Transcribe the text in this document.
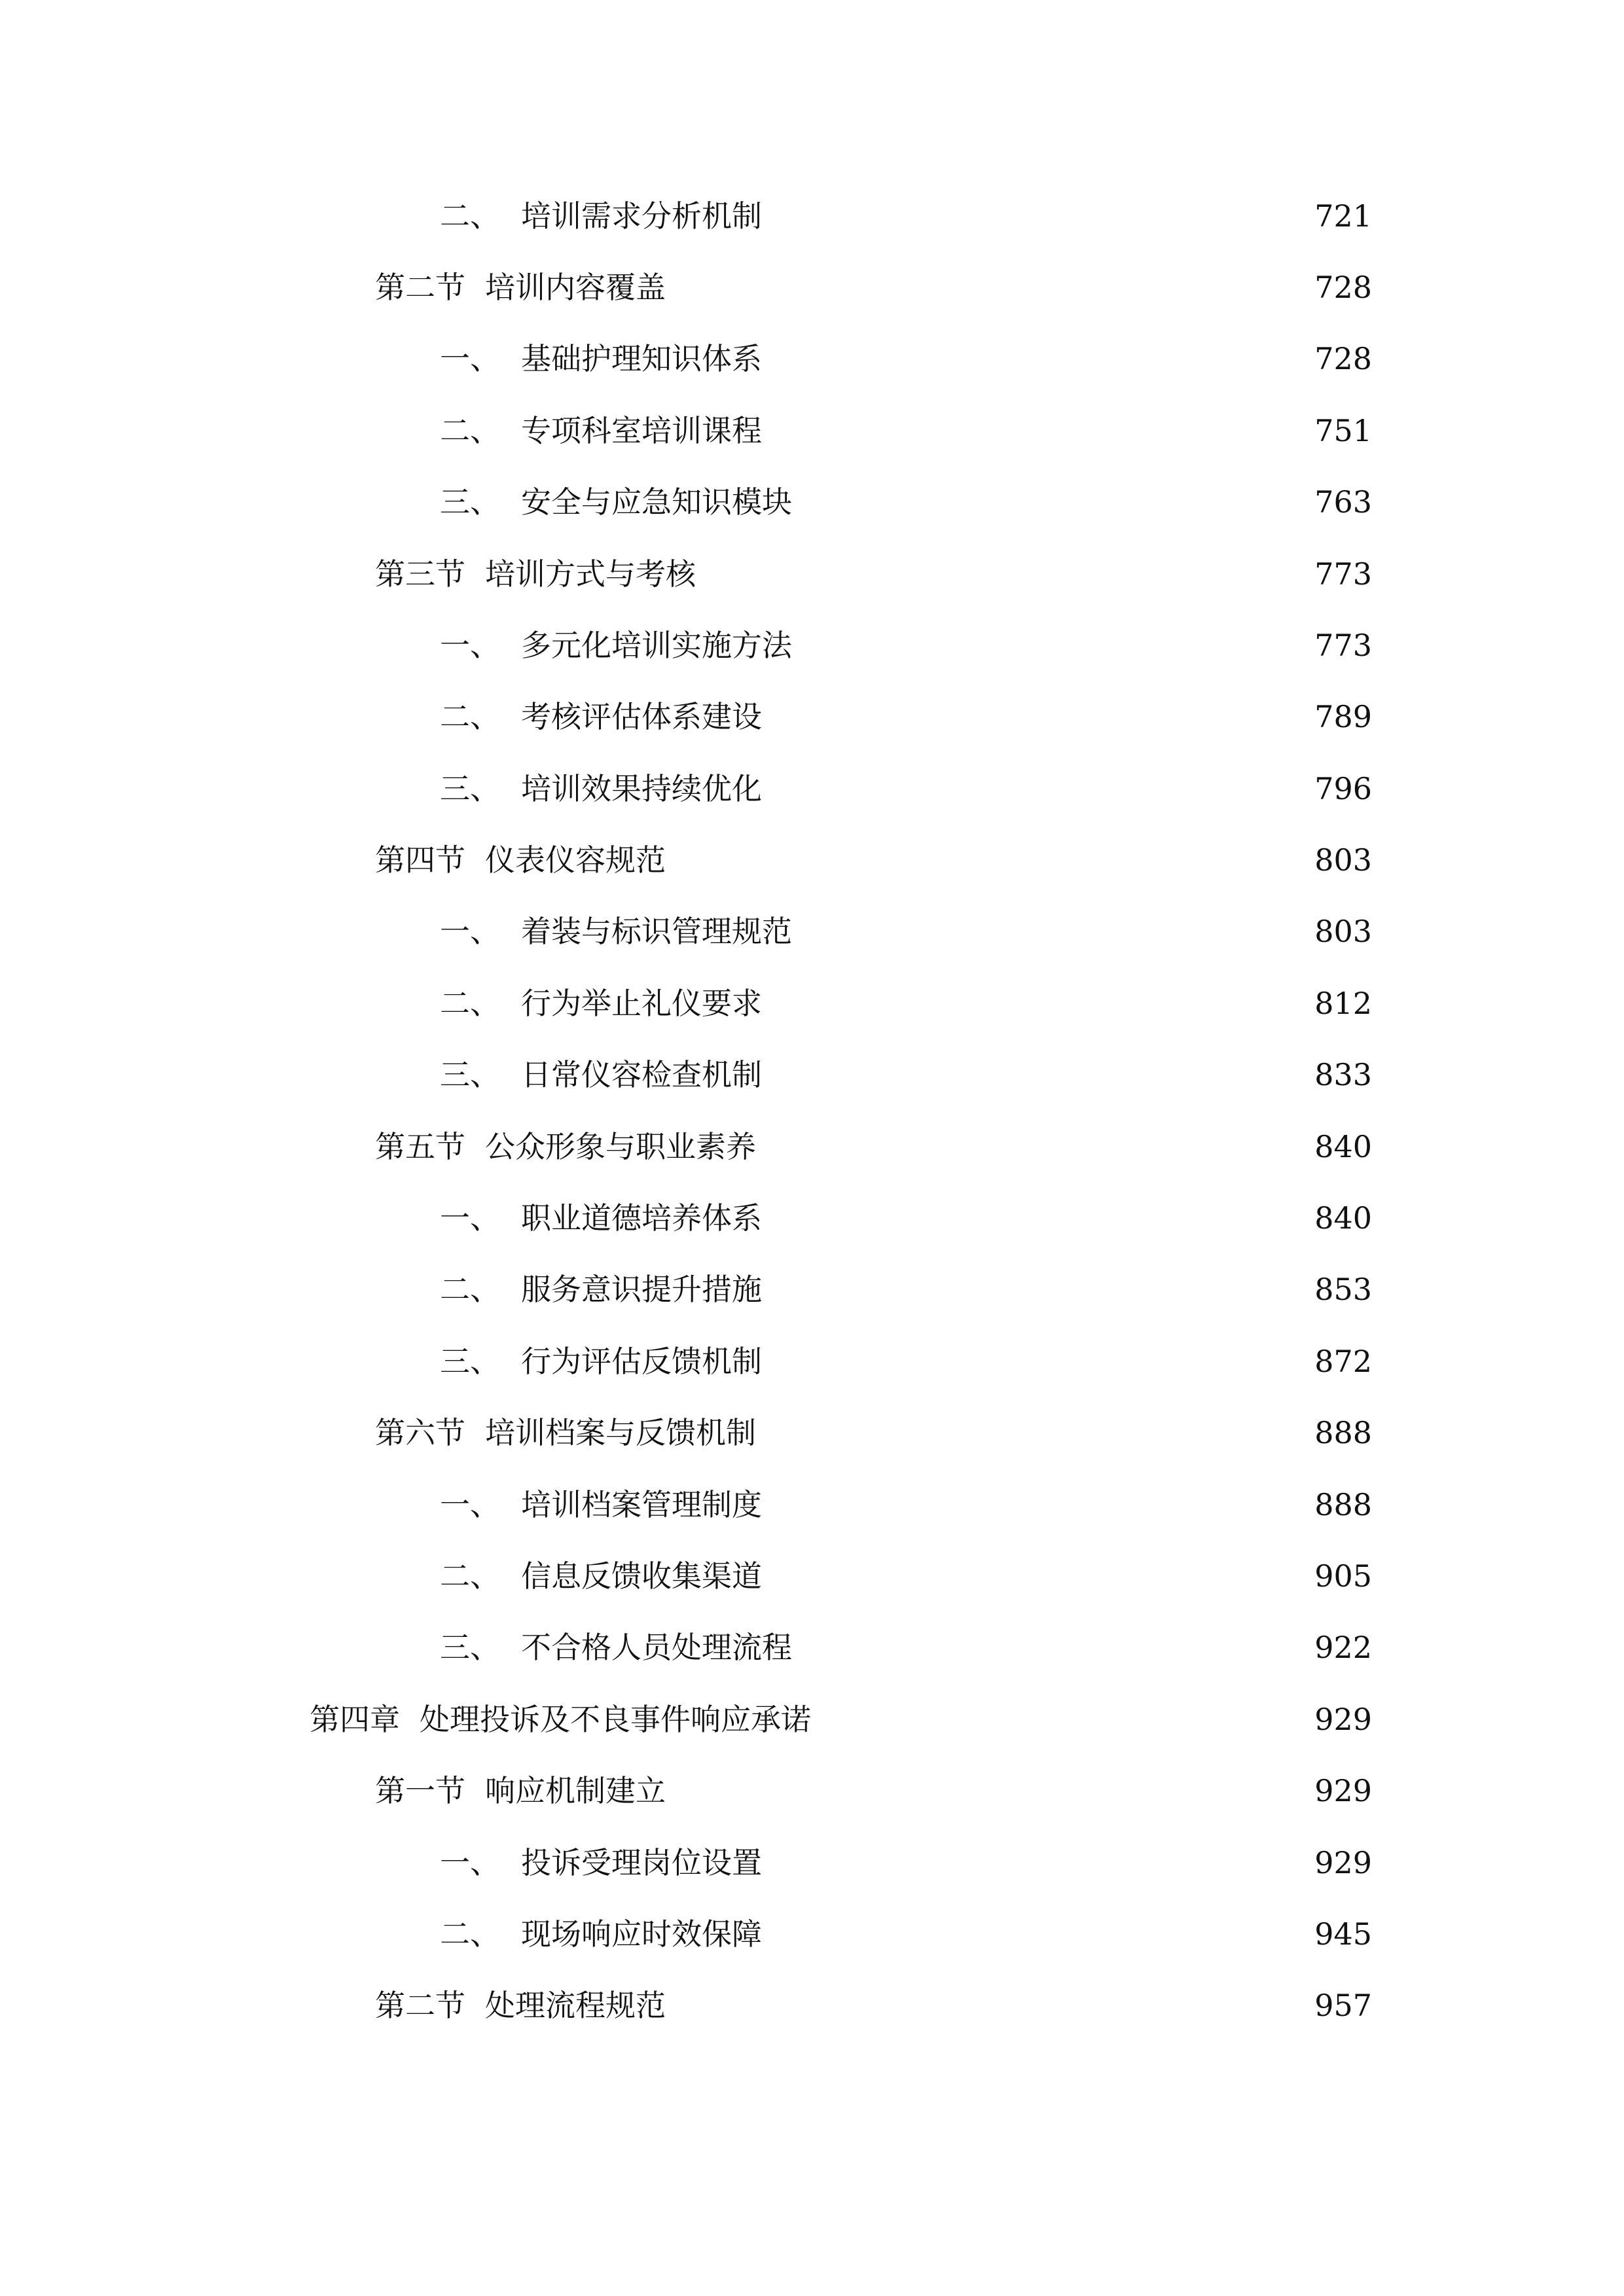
二、 培训需求分析机制	721
第二节 培训内容覆盖	728
一、 基础护理知识体系	728
二、 专项科室培训课程	751
三、 安全与应急知识模块	763
第三节 培训方式与考核	773
一、 多元化培训实施方法	773
二、 考核评估体系建设	789
三、 培训效果持续优化	796
第四节 仪表仪容规范	803
一、 着装与标识管理规范	803
二、 行为举止礼仪要求	812
三、 日常仪容检查机制	833
第五节 公众形象与职业素养	840
一、 职业道德培养体系	840
二、 服务意识提升措施	853
三、 行为评估反馈机制	872
第六节 培训档案与反馈机制	888
一、 培训档案管理制度	888
二、 信息反馈收集渠道	905
三、 不合格人员处理流程	922
第四章 处理投诉及不良事件响应承诺	929
第一节 响应机制建立	929
一、 投诉受理岗位设置	929
二、 现场响应时效保障	945
第二节 处理流程规范	957
